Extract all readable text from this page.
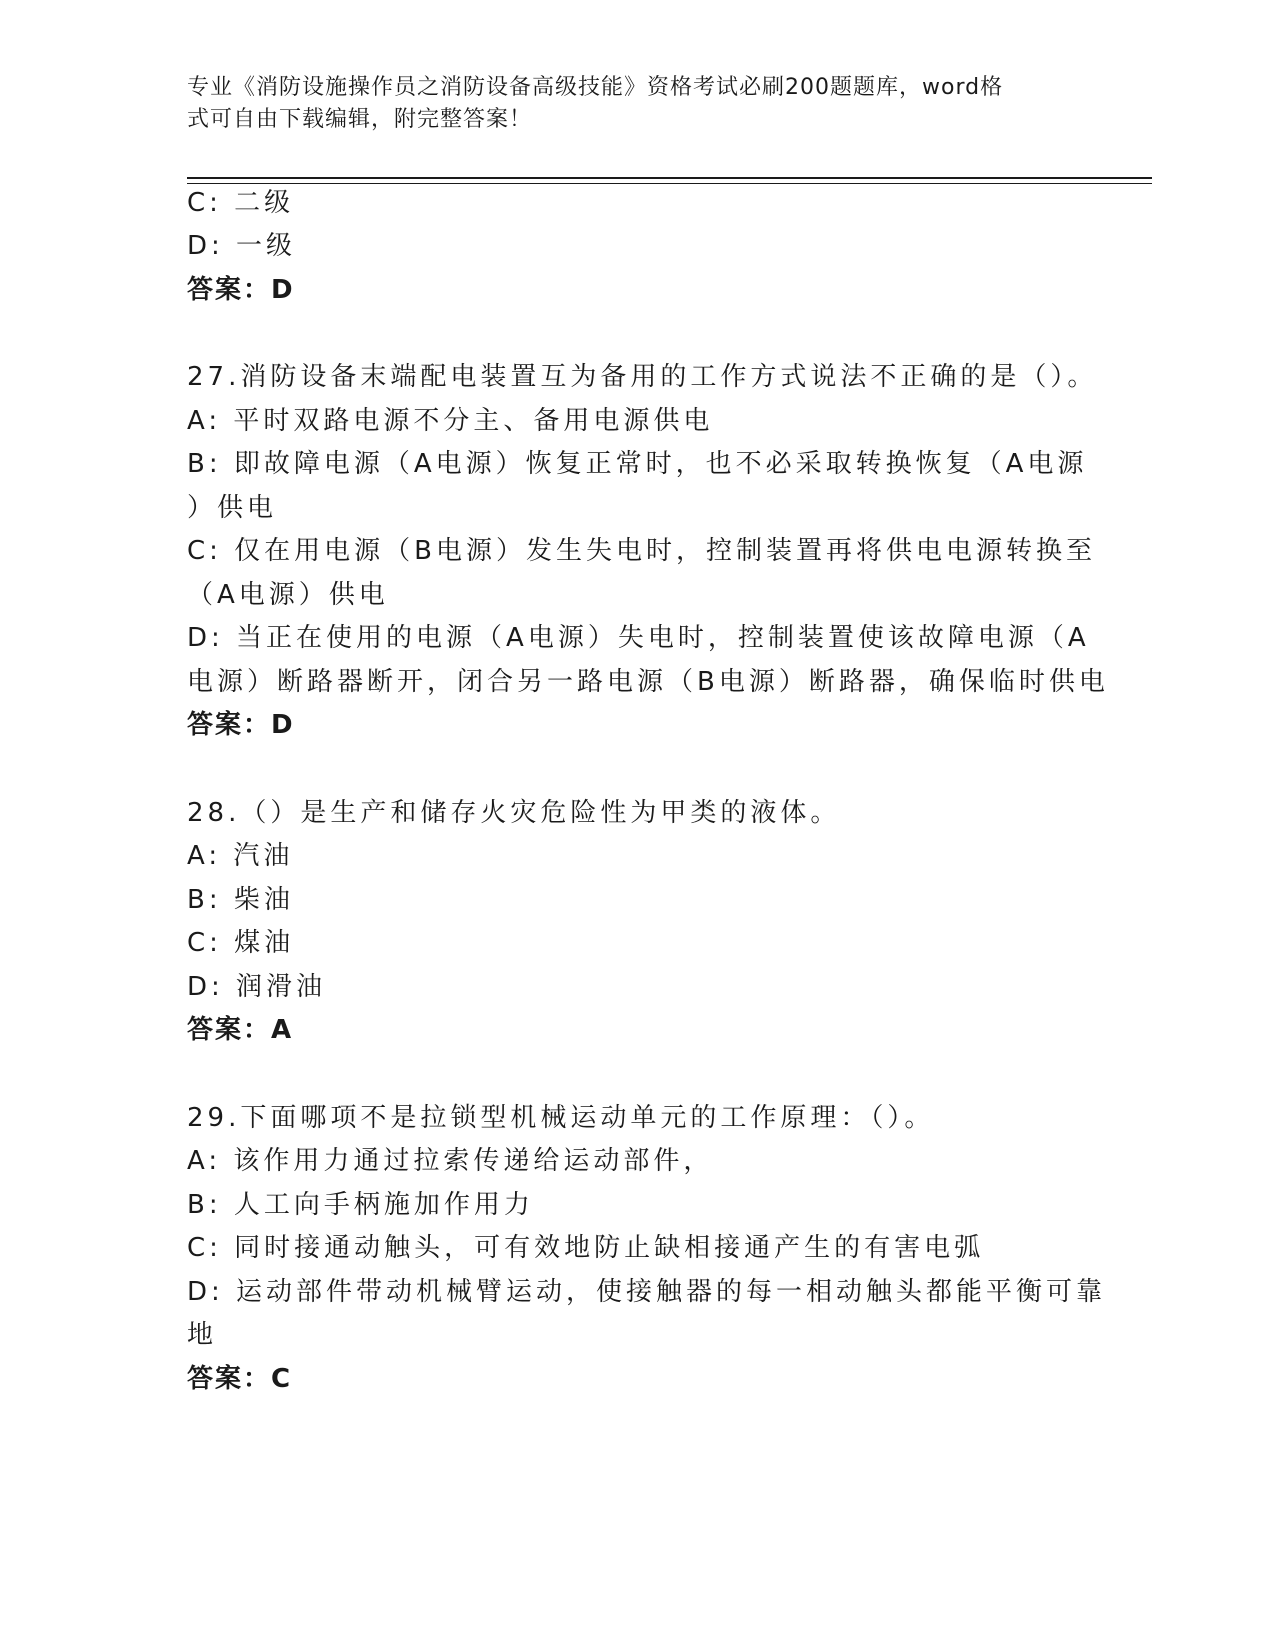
专业《消防设施操作员之消防设备高级技能》资格考试必刷200题题库，word格
式可自由下载编辑，附完整答案！
C: 二级
D: 一级
答案：D
27.消防设备末端配电装置互为备用的工作方式说法不正确的是（）。
A: 平时双路电源不分主、备用电源供电
B: 即故障电源（A电源）恢复正常时，也不必采取转换恢复（A电源
）供电
C: 仅在用电源（B电源）发生失电时，控制装置再将供电电源转换至
（A电源）供电
D: 当正在使用的电源（A电源）失电时，控制装置使该故障电源（A
电源）断路器断开，闭合另一路电源（B电源）断路器，确保临时供电
答案：D
28.（）是生产和储存火灾危险性为甲类的液体。
A: 汽油
B: 柴油
C: 煤油
D: 润滑油
答案：A
29.下面哪项不是拉锁型机械运动单元的工作原理：（）。
A: 该作用力通过拉索传递给运动部件，
B: 人工向手柄施加作用力
C: 同时接通动触头，可有效地防止缺相接通产生的有害电弧
D: 运动部件带动机械臂运动，使接触器的每一相动触头都能平衡可靠
地
答案：C
